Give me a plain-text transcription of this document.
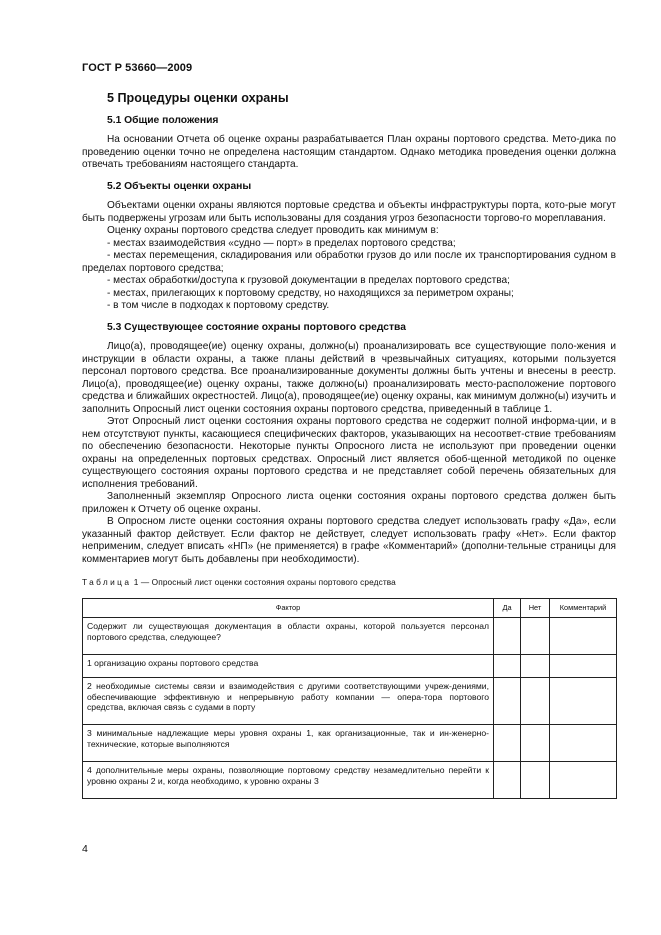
ГОСТ Р 53660—2009
5 Процедуры оценки охраны
5.1 Общие положения

На основании Отчета об оценке охраны разрабатывается План охраны портового средства. Мето-дика по проведению оценки точно не определена настоящим стандартом. Однако методика проведения оценки должна отвечать требованиям настоящего стандарта.

5.2 Объекты оценки охраны

Объектами оценки охраны являются портовые средства и объекты инфраструктуры порта, кото-рые могут быть подвержены угрозам или быть использованы для создания угроз безопасности торгово-го мореплавания.

Оценку охраны портового средства следует проводить как минимум в:

- местах взаимодействия «судно — порт» в пределах портового средства;

- местах перемещения, складирования или обработки грузов до или после их транспортирования судном в пределах портового средства;

- местах обработки/доступа к грузовой документации в пределах портового средства;

- местах, прилегающих к портовому средству, но находящихся за периметром охраны;

- в том числе в подходах к портовому средству.

5.3 Существующее состояние охраны портового средства

Лицо(а), проводящее(ие) оценку охраны, должно(ы) проанализировать все существующие поло-жения и инструкции в области охраны, а также планы действий в чрезвычайных ситуациях, которыми пользуется персонал портового средства. Все проанализированные документы должны быть учтены и внесены в реестр. Лицо(а), проводящее(ие) оценку охраны, также должно(ы) проанализировать место-расположение портового средства и ближайших окрестностей. Лицо(а), проводящее(ие) оценку охраны, как минимум должно(ы) изучить и заполнить Опросный лист оценки состояния охраны портового средства, приведенный в таблице 1.

Этот Опросный лист оценки состояния охраны портового средства не содержит полной информа-ции, и в нем отсутствуют пункты, касающиеся специфических факторов, указывающих на несоответ-ствие требованиям по обеспечению безопасности. Некоторые пункты Опросного листа не используют при проведении оценки охраны на определенных портовых средствах. Опросный лист является обоб-щенной методикой по оценке существующего состояния охраны портового средства и не представляет собой перечень обязательных для исполнения требований.

Заполненный экземпляр Опросного листа оценки состояния охраны портового средства должен быть приложен к Отчету об оценке охраны.

В Опросном листе оценки состояния охраны портового средства следует использовать графу «Да», если указанный фактор действует. Если фактор не действует, следует использовать графу «Нет». Если фактор неприменим, следует вписать «НП» (не применяется) в графе «Комментарий» (дополни-тельные страницы для комментариев могут быть добавлены при необходимости).

Таблица 1 — Опросный лист оценки состояния охраны портового средства
Фактор	Да	Нет	Комментарий
Содержит ли существующая документация в области охраны, которой пользуется персонал портового средства, следующее?			
1 организацию охраны портового средства			
2 необходимые системы связи и взаимодействия с другими соответствующими учреж-дениями, обеспечивающие эффективную и непрерывную работу компании — опера-тора портового средства, включая связь с судами в порту			
3 минимальные надлежащие меры уровня охраны 1, как организационные, так и ин-женерно-технические, которые выполняются			
4 дополнительные меры охраны, позволяющие портовому средству незамедлительно перейти к уровню охраны 2 и, когда необходимо, к уровню охраны 3			
4
